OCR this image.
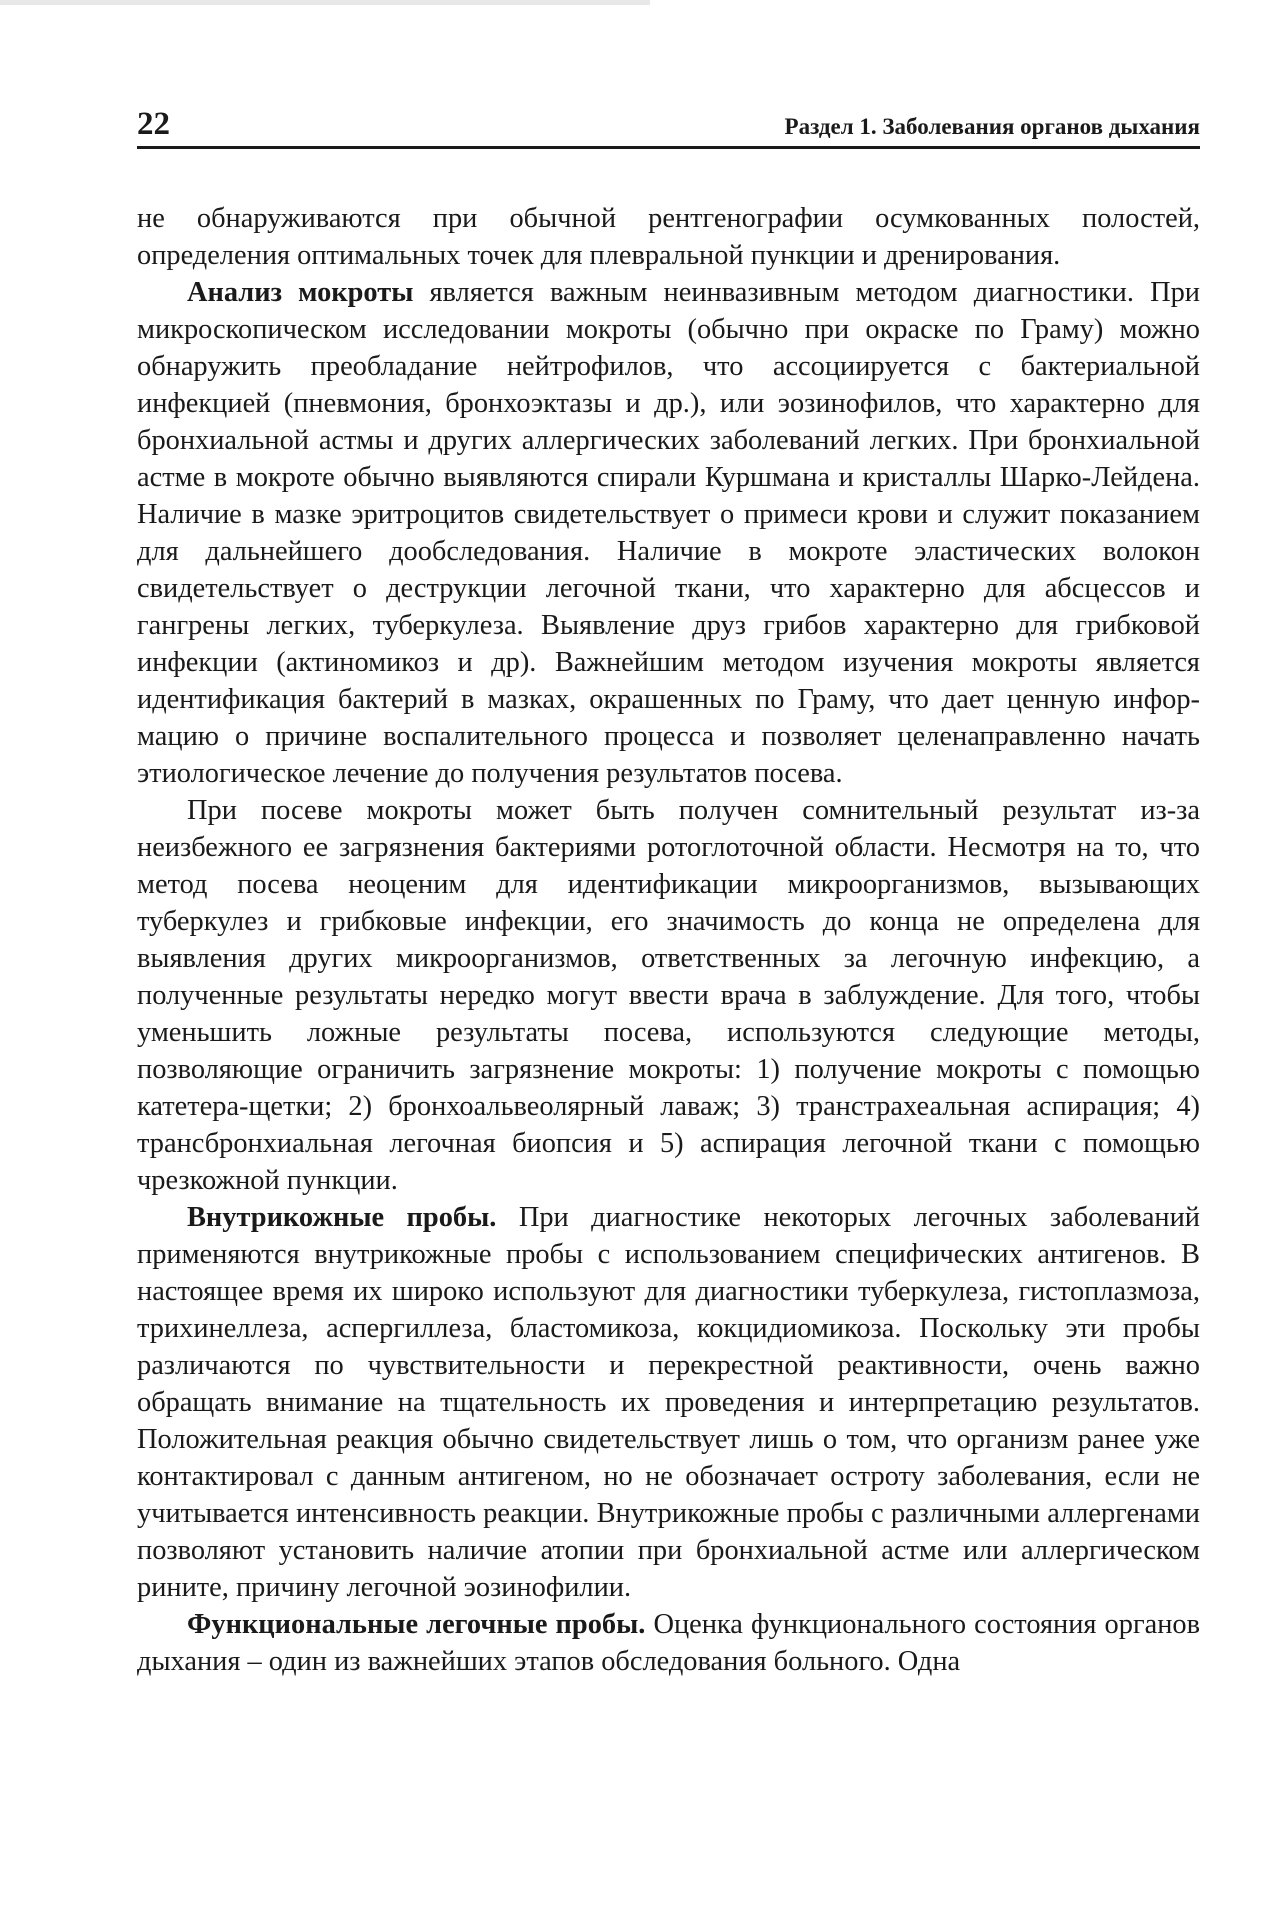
22	Раздел 1. Заболевания органов дыхания

не обнаруживаются при обычной рентгенографии осумкованных полостей, определения оптимальных точек для плевральной пункции и дренирования.

Анализ мокроты является важным неинвазивным методом диагностики. При микроскопическом исследовании мокроты (обычно при окраске по Граму) можно обнаружить преобладание нейтрофилов, что ассоциируется с бактериальной инфекцией (пневмония, бронхоэктазы и др.), или эозинофилов, что характерно для бронхиальной астмы и других аллергических заболеваний легких. При бронхиальной астме в мокроте обычно выявляются спирали Куршмана и кристаллы Шарко-Лейдена. Наличие в мазке эритроцитов свидетельствует о примеси крови и служит показанием для дальнейшего дообследования. Наличие в мокроте эластических волокон свидетельствует о деструкции легочной ткани, что характерно для абсцессов и гангрены легких, туберкулеза. Выявление друз грибов характерно для грибковой инфекции (актиномикоз и др). Важнейшим методом изучения мокроты является идентификация бактерий в мазках, окрашенных по Граму, что дает ценную информацию о причине воспалительного процесса и позволяет целенаправленно начать этиологическое лечение до получения результатов посева.

При посеве мокроты может быть получен сомнительный результат из-за неизбежного ее загрязнения бактериями ротоглоточной области. Несмотря на то, что метод посева неоценим для идентификации микроорганизмов, вызывающих туберкулез и грибковые инфекции, его значимость до конца не определена для выявления других микроорганизмов, ответственных за легочную инфекцию, а полученные результаты нередко могут ввести врача в заблуждение. Для того, чтобы уменьшить ложные результаты посева, используются следующие методы, позволяющие ограничить загрязнение мокроты: 1) получение мокроты с помощью катетера-щетки; 2) бронхоальвеолярный лаваж; 3) транстрахеальная аспирация; 4) трансбронхиальная легочная биопсия и 5) аспирация легочной ткани с помощью чрезкожной пункции.

Внутрикожные пробы. При диагностике некоторых легочных заболеваний применяются внутрикожные пробы с использованием специфических антигенов. В настоящее время их широко используют для диагностики туберкулеза, гистоплазмоза, трихинеллеза, аспергиллеза, бластомикоза, кокцидиомикоза. Поскольку эти пробы различаются по чувствительности и перекрестной реактивности, очень важно обращать внимание на тщательность их проведения и интерпретацию результатов. Положительная реакция обычно свидетельствует лишь о том, что организм ранее уже контактировал с данным антигеном, но не обозначает остроту заболевания, если не учитывается интенсивность реакции. Внутрикожные пробы с различными аллергенами позволяют установить наличие атопии при бронхиальной астме или аллергическом рините, причину легочной эозинофилии.

Функциональные легочные пробы. Оценка функционального состояния органов дыхания – один из важнейших этапов обследования больного. Одна
